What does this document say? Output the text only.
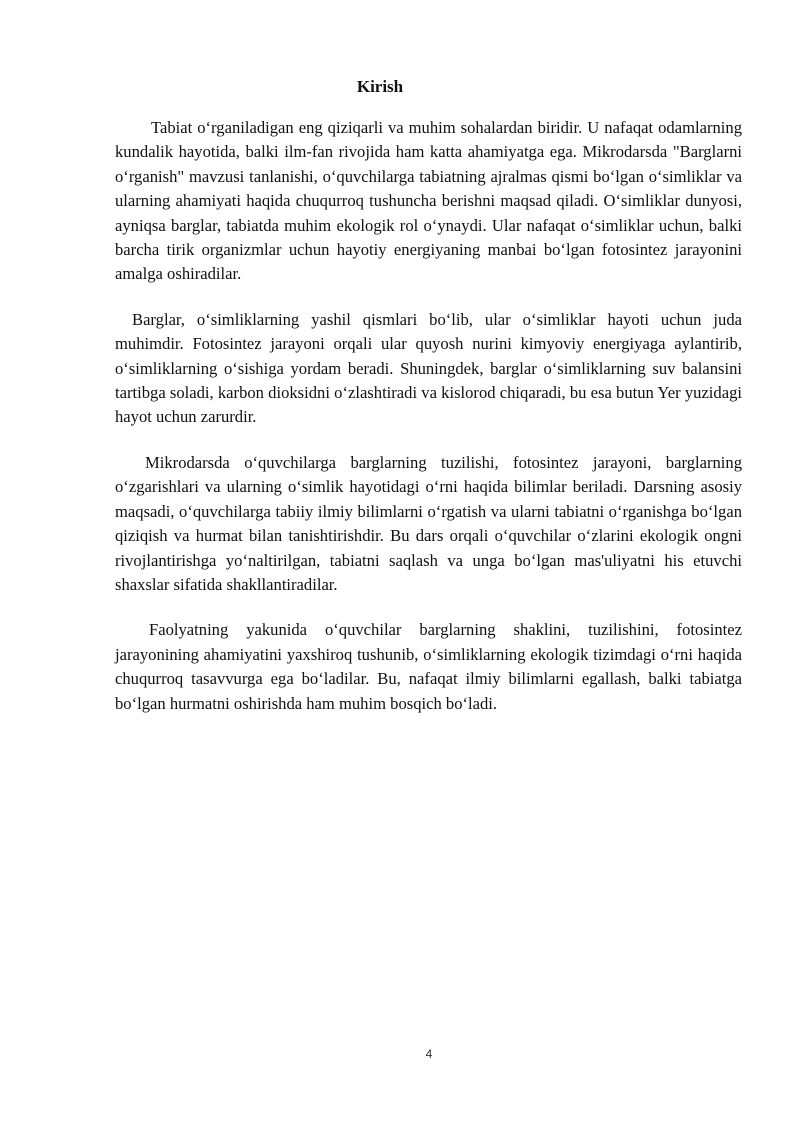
Kirish

Tabiat o‘rganiladigan eng qiziqarli va muhim sohalardan biridir. U nafaqat odamlarning kundalik hayotida, balki ilm-fan rivojida ham katta ahamiyatga ega. Mikrodarsda "Barglarni o‘rganish" mavzusi tanlanishi, o‘quvchilarga tabiatning ajralmas qismi bo‘lgan o‘simliklar va ularning ahamiyati haqida chuqurroq tushuncha berishni maqsad qiladi. O‘simliklar dunyosi, ayniqsa barglar, tabiatda muhim ekologik rol o‘ynaydi. Ular nafaqat o‘simliklar uchun, balki barcha tirik organizmlar uchun hayotiy energiyaning manbai bo‘lgan fotosintez jarayonini amalga oshiradilar.

Barglar, o‘simliklarning yashil qismlari bo‘lib, ular o‘simliklar hayoti uchun juda muhimdir. Fotosintez jarayoni orqali ular quyosh nurini kimyoviy energiyaga aylantirib, o‘simliklarning o‘sishiga yordam beradi. Shuningdek, barglar o‘simliklarning suv balansini tartibga soladi, karbon dioksidni o‘zlashtiradi va kislorod chiqaradi, bu esa butun Yer yuzidagi hayot uchun zarurdir.

Mikrodarsda o‘quvchilarga barglarning tuzilishi, fotosintez jarayoni, barglarning o‘zgarishlari va ularning o‘simlik hayotidagi o‘rni haqida bilimlar beriladi. Darsning asosiy maqsadi, o‘quvchilarga tabiiy ilmiy bilimlarni o‘rgatish va ularni tabiatni o‘rganishga bo‘lgan qiziqish va hurmat bilan tanishtirishdir. Bu dars orqali o‘quvchilar o‘zlarini ekologik ongni rivojlantirishga yo‘naltirilgan, tabiatni saqlash va unga bo‘lgan mas'uliyatni his etuvchi shaxslar sifatida shakllantiradilar.

Faolyatning yakunida o‘quvchilar barglarning shaklini, tuzilishini, fotosintez jarayonining ahamiyatini yaxshiroq tushunib, o‘simliklarning ekologik tizimdagi o‘rni haqida chuqurroq tasavvurga ega bo‘ladilar. Bu, nafaqat ilmiy bilimlarni egallash, balki tabiatga bo‘lgan hurmatni oshirishda ham muhim bosqich bo‘ladi.

4
